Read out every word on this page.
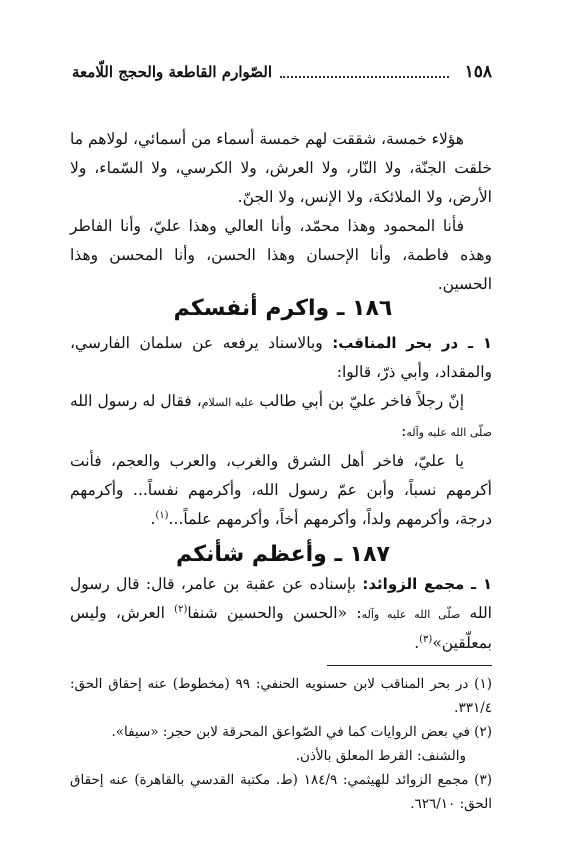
١٥٨
الصّوارم القاطعة والحجج اللّامعة

هؤلاء خمسة، شققت لهم خمسة أسماء من أسمائي، لولاهم ما خلقت الجنّة، ولا النّار، ولا العرش، ولا الكرسي، ولا السّماء، ولا الأرض، ولا الملائكة، ولا الإنس، ولا الجنّ.

فأنا المحمود وهذا محمّد، وأنا العالي وهذا عليّ، وأنا الفاطر وهذه فاطمة، وأنا الإحسان وهذا الحسن، وأنا المحسن وهذا الحسين.

١٨٦ ـ واكرم أنفسكم

١ ـ در بحر المناقب: وبالاسناد يرفعه عن سلمان الفارسي، والمقداد، وأبي ذرّ، قالوا:

إنّ رجلاً فاخر عليّ بن أبي طالب عليه السلام، فقال له رسول الله صلّى الله عليه وآله:

يا عليّ، فاخر أهل الشرق والغرب، والعرب والعجم، فأنت أكرمهم نسباً، وأبن عمّ رسول الله، وأكرمهم نفساً... وأكرمهم درجة، وأكرمهم ولداً، وأكرمهم أخاً، وأكرمهم علماً...$^{(١)}$.

١٨٧ ـ وأعظم شأنكم

١ ـ مجمع الزوائد: بإسناده عن عقبة بن عامر، قال: قال رسول الله صلّى الله عليه وآله: «الحسن والحسين شنفا$^{(٢)}$ العرش، وليس بمعلّقين»$^{(٣)}$.

(١) در بحر المناقب لابن حسنويه الحنفي: ٩٩ (مخطوط) عنه إحقاق الحق: ٣٣١/٤.

(٢) في بعض الروايات كما في الصّواعق المحرقة لابن حجر: «سيفا».

والشنف: القرط المعلق بالأذن.

(٣) مجمع الزوائد للهيثمي: ١٨٤/٩ (ط. مكتبة القدسي بالقاهرة) عنه إحقاق الحق: ٦٢٦/١٠.
